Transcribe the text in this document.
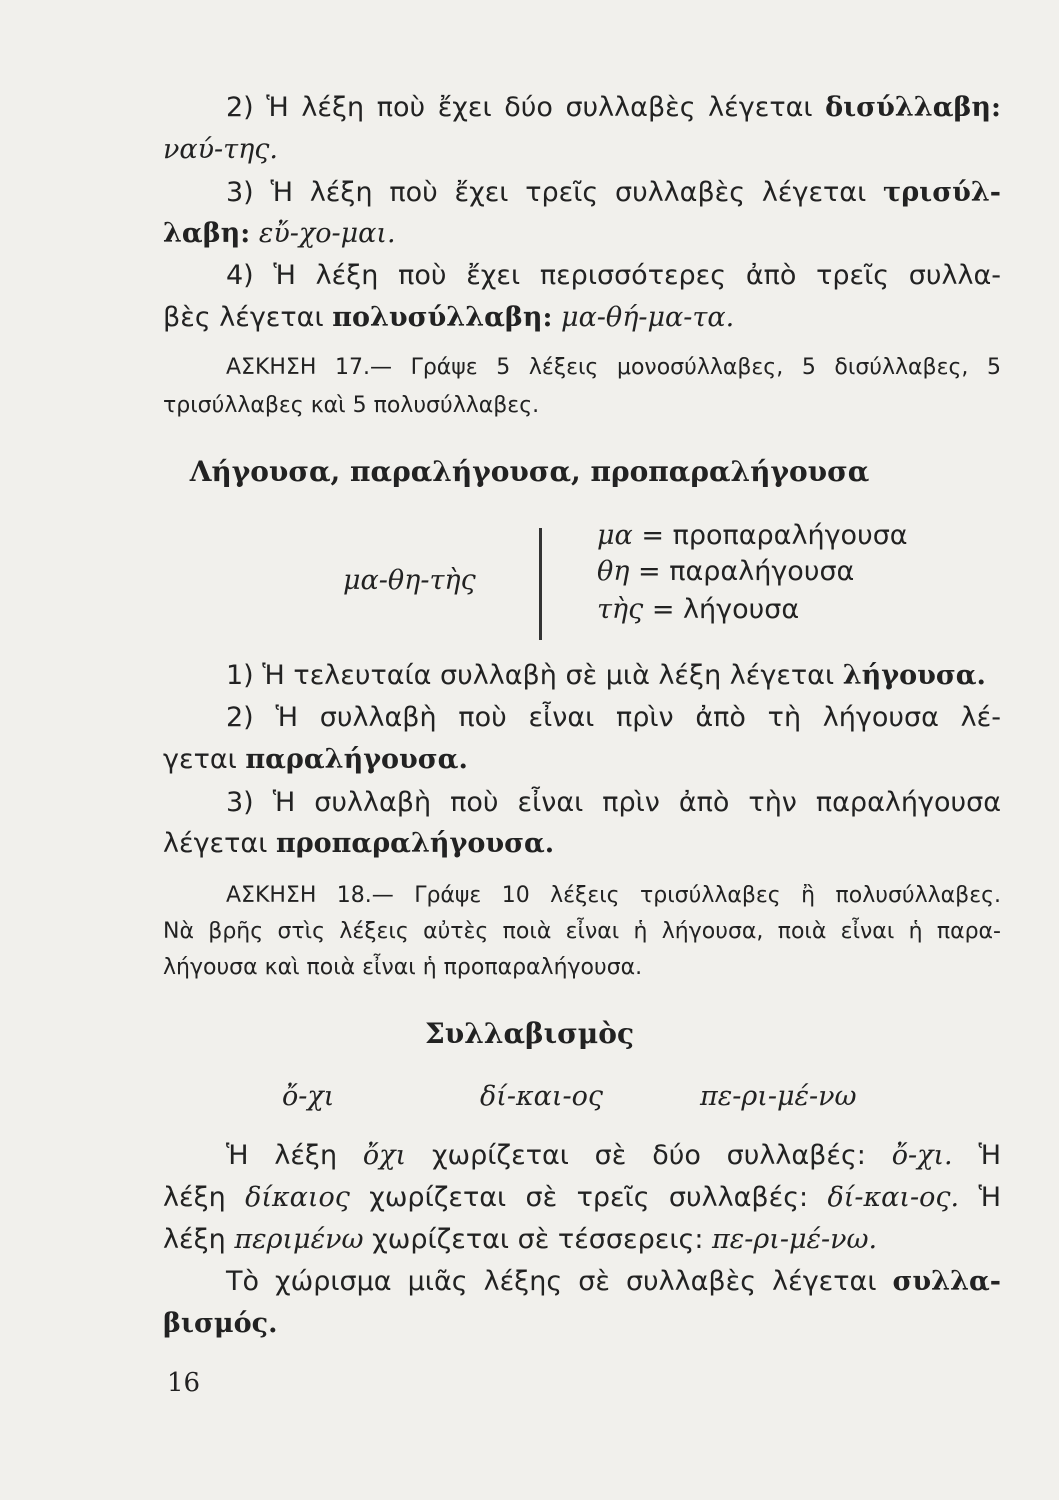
2) Ἡ λέξη ποὺ ἔχει δύο συλλαβὲς λέγεται δισύλλαβη:
ναύ-της.
3) Ἡ λέξη ποὺ ἔχει τρεῖς συλλαβὲς λέγεται τρισύλ-
λαβη: εὔ-χο-μαι.
4) Ἡ λέξη ποὺ ἔχει περισσότερες ἀπὸ τρεῖς συλλα-
βὲς λέγεται πολυσύλλαβη: μα-θή-μα-τα.
ΑΣΚΗΣΗ 17.— Γράψε 5 λέξεις μονοσύλλαβες, 5 δισύλλαβες, 5
τρισύλλαβες καὶ 5 πολυσύλλαβες.
Λήγουσα, παραλήγουσα, προπαραλήγουσα
μα-θη-τὴς
μα = προπαραλήγουσα
θη = παραλήγουσα
τὴς = λήγουσα
1) Ἡ τελευταία συλλαβὴ σὲ μιὰ λέξη λέγεται λήγουσα.
2) Ἡ συλλαβὴ ποὺ εἶναι πρὶν ἀπὸ τὴ λήγουσα λέ-
γεται παραλήγουσα.
3) Ἡ συλλαβὴ ποὺ εἶναι πρὶν ἀπὸ τὴν παραλήγουσα
λέγεται προπαραλήγουσα.
ΑΣΚΗΣΗ 18.— Γράψε 10 λέξεις τρισύλλαβες ἢ πολυσύλλαβες.
Νὰ βρῆς στὶς λέξεις αὐτὲς ποιὰ εἶναι ἡ λήγουσα, ποιὰ εἶναι ἡ παρα-
λήγουσα καὶ ποιὰ εἶναι ἡ προπαραλήγουσα.
Συλλαβισμὸς
ὄ-χι	δί-και-ος	πε-ρι-μέ-νω
Ἡ λέξη ὄχι χωρίζεται σὲ δύο συλλαβές: ὄ-χι. Ἡ
λέξη δίκαιος χωρίζεται σὲ τρεῖς συλλαβές: δί-και-ος. Ἡ
λέξη περιμένω χωρίζεται σὲ τέσσερεις: πε-ρι-μέ-νω.
Τὸ χώρισμα μιᾶς λέξης σὲ συλλαβὲς λέγεται συλλα-
βισμός.
16
